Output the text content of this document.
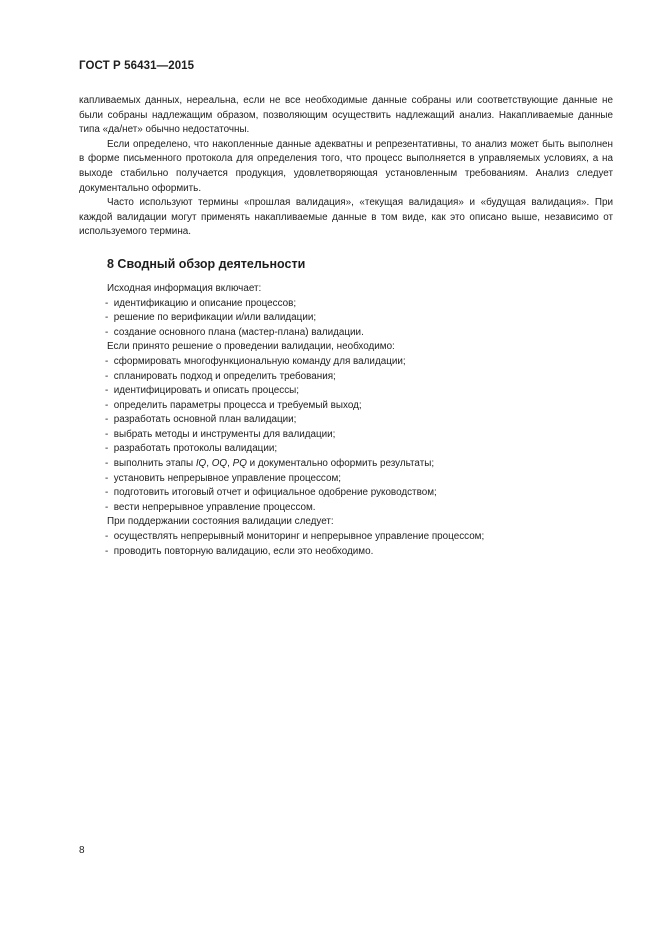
ГОСТ Р 56431—2015

капливаемых данных, нереальна, если не все необходимые данные собраны или соответствующие данные не были собраны надлежащим образом, позволяющим осуществить надлежащий анализ. Накапливаемые данные типа «да/нет» обычно недостаточны.

Если определено, что накопленные данные адекватны и репрезентативны, то анализ может быть выполнен в форме письменного протокола для определения того, что процесс выполняется в управляемых условиях, а на выходе стабильно получается продукция, удовлетворяющая установленным требованиям. Анализ следует документально оформить.

Часто используют термины «прошлая валидация», «текущая валидация» и «будущая валидация». При каждой валидации могут применять накапливаемые данные в том виде, как это описано выше, независимо от используемого термина.

8 Сводный обзор деятельности
Исходная информация включает:
-  идентификацию и описание процессов;
-  решение по верификации и/или валидации;
-  создание основного плана (мастер-плана) валидации.
Если принято решение о проведении валидации, необходимо:
-  сформировать многофункциональную команду для валидации;
-  спланировать подход и определить требования;
-  идентифицировать и описать процессы;
-  определить параметры процесса и требуемый выход;
-  разработать основной план валидации;
-  выбрать методы и инструменты для валидации;
-  разработать протоколы валидации;
-  выполнить этапы IQ, OQ, PQ и документально оформить результаты;
-  установить непрерывное управление процессом;
-  подготовить итоговый отчет и официальное одобрение руководством;
-  вести непрерывное управление процессом.
При поддержании состояния валидации следует:
-  осуществлять непрерывный мониторинг и непрерывное управление процессом;
-  проводить повторную валидацию, если это необходимо.
8
